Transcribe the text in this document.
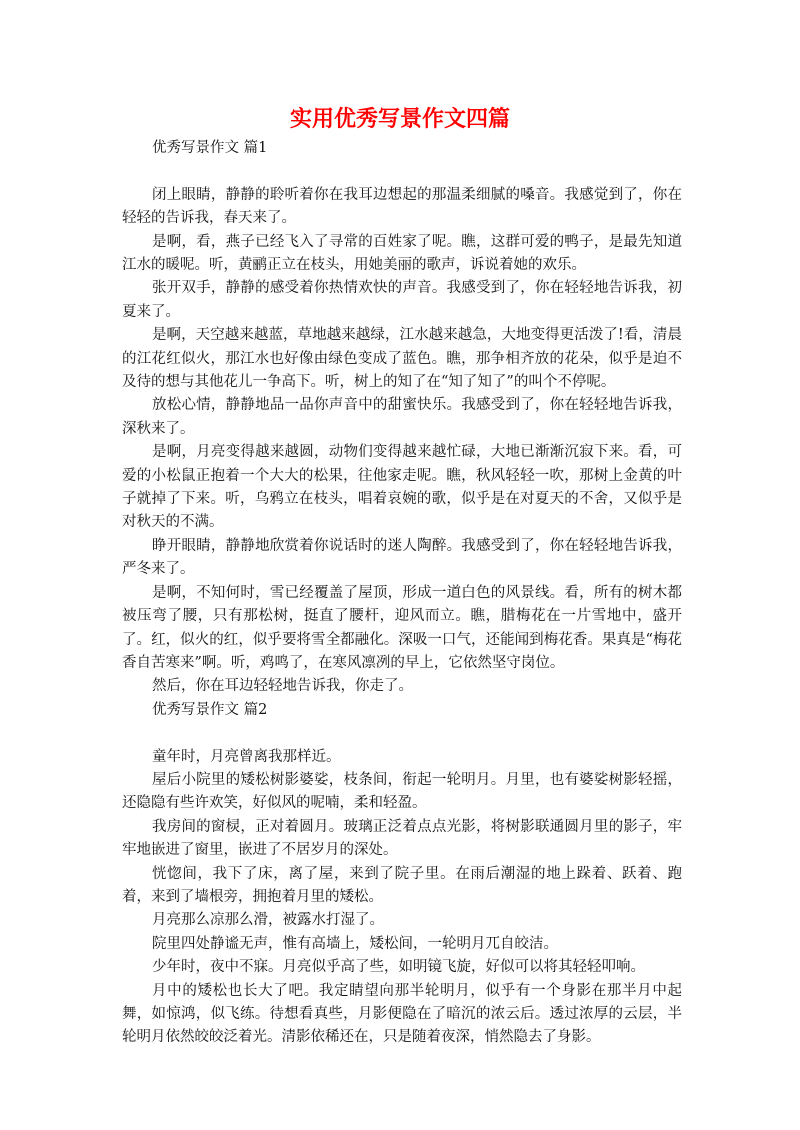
实用优秀写景作文四篇

优秀写景作文 篇1

闭上眼睛，静静的聆听着你在我耳边想起的那温柔细腻的嗓音。我感觉到了，你在轻轻的告诉我，春天来了。

是啊，看，燕子已经飞入了寻常的百姓家了呢。瞧，这群可爱的鸭子，是最先知道江水的暖呢。听，黄鹂正立在枝头，用她美丽的歌声，诉说着她的欢乐。

张开双手，静静的感受着你热情欢快的声音。我感受到了，你在轻轻地告诉我，初夏来了。

是啊，天空越来越蓝，草地越来越绿，江水越来越急，大地变得更活泼了!看，清晨的江花红似火，那江水也好像由绿色变成了蓝色。瞧，那争相齐放的花朵，似乎是迫不及待的想与其他花儿一争高下。听，树上的知了在“知了知了”的叫个不停呢。

放松心情，静静地品一品你声音中的甜蜜快乐。我感受到了，你在轻轻地告诉我，深秋来了。

是啊，月亮变得越来越圆，动物们变得越来越忙碌，大地已渐渐沉寂下来。看，可爱的小松鼠正抱着一个大大的松果，往他家走呢。瞧，秋风轻轻一吹，那树上金黄的叶子就掉了下来。听，乌鸦立在枝头，唱着哀婉的歌，似乎是在对夏天的不舍，又似乎是对秋天的不满。

睁开眼睛，静静地欣赏着你说话时的迷人陶醉。我感受到了，你在轻轻地告诉我，严冬来了。

是啊，不知何时，雪已经覆盖了屋顶，形成一道白色的风景线。看，所有的树木都被压弯了腰，只有那松树，挺直了腰杆，迎风而立。瞧，腊梅花在一片雪地中，盛开了。红，似火的红，似乎要将雪全都融化。深吸一口气，还能闻到梅花香。果真是“梅花香自苦寒来”啊。听，鸡鸣了，在寒风凛冽的早上，它依然坚守岗位。

然后，你在耳边轻轻地告诉我，你走了。

优秀写景作文 篇2

童年时，月亮曾离我那样近。

屋后小院里的矮松树影婆娑，枝条间，衔起一轮明月。月里，也有婆娑树影轻摇，还隐隐有些许欢笑，好似风的呢喃，柔和轻盈。

我房间的窗棂，正对着圆月。玻璃正泛着点点光影，将树影联通圆月里的影子，牢牢地嵌进了窗里，嵌进了不居岁月的深处。

恍惚间，我下了床，离了屋，来到了院子里。在雨后潮湿的地上跺着、跃着、跑着，来到了墙根旁，拥抱着月里的矮松。

月亮那么凉那么滑，被露水打湿了。

院里四处静谧无声，惟有高墙上，矮松间，一轮明月兀自皎洁。

少年时，夜中不寐。月亮似乎高了些，如明镜飞旋，好似可以将其轻轻叩响。

月中的矮松也长大了吧。我定睛望向那半轮明月，似乎有一个身影在那半月中起舞，如惊鸿，似飞练。待想看真些，月影便隐在了暗沉的浓云后。透过浓厚的云层，半轮明月依然皎皎泛着光。清影依稀还在，只是随着夜深，悄然隐去了身影。
